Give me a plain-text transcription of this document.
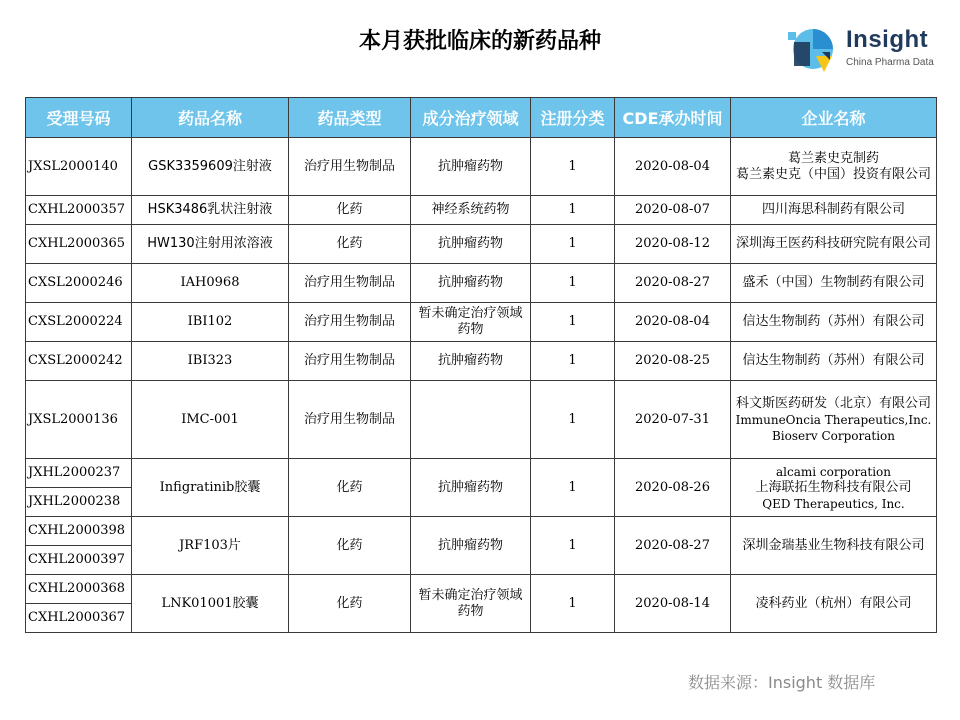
本月获批临床的新药品种	Insight
China Pharma Data
受理号码	药品名称	药品类型	成分治疗领域	注册分类	CDE承办时间	企业名称
JXSL2000140	GSK3359609注射液	治疗用生物制品	抗肿瘤药物	1	2020-08-04	葛兰素史克制药
葛兰素史克（中国）投资有限公司

CXHL2000357	HSK3486乳状注射液	化药	神经系统药物	1	2020-08-07	四川海思科制药有限公司

CXHL2000365	HW130注射用浓溶液	化药	抗肿瘤药物	1	2020-08-12	深圳海王医药科技研究院有限公司

CXSL2000246	IAH0968	治疗用生物制品	抗肿瘤药物	1	2020-08-27	盛禾（中国）生物制药有限公司

CXSL2000224	IBI102	治疗用生物制品	暂未确定治疗领域药物	1	2020-08-04	信达生物制药（苏州）有限公司

CXSL2000242	IBI323	治疗用生物制品	抗肿瘤药物	1	2020-08-25	信达生物制药（苏州）有限公司

JXSL2000136	IMC-001	治疗用生物制品		1	2020-07-31	科文斯医药研发（北京）有限公司
ImmuneOncia Therapeutics,Inc.
Bioserv Corporation

JXHL2000237	Infigratinib胶囊	化药	抗肿瘤药物	1	2020-08-26	alcami corporation
上海联拓生物科技有限公司
QED Therapeutics, Inc.

JXHL2000238						
CXHL2000398	JRF103片	化药	抗肿瘤药物	1	2020-08-27	深圳金瑞基业生物科技有限公司

CXHL2000397						
CXHL2000368	LNK01001胶囊	化药	暂未确定治疗领域药物	1	2020-08-14	凌科药业（杭州）有限公司

CXHL2000367						
数据来源：Insight 数据库
